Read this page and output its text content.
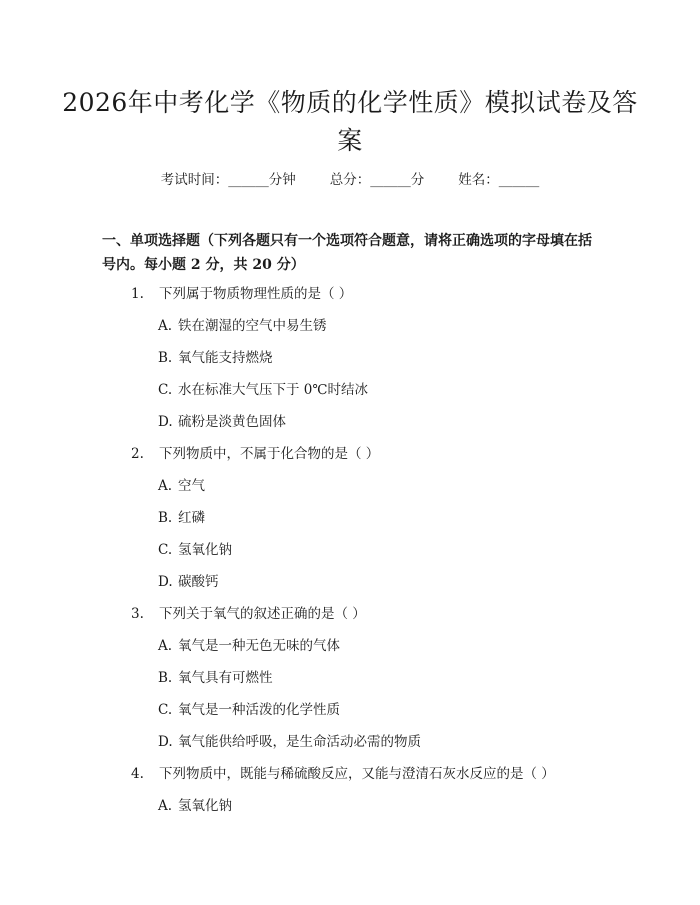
2026年中考化学《物质的化学性质》模拟试卷及答案
考试时间：______分钟	总分：______分	姓名：______
一、单项选择题（下列各题只有一个选项符合题意，请将正确选项的字母填在括号内。每小题 2 分，共 20 分）
1. 下列属于物质物理性质的是（ ）
A. 铁在潮湿的空气中易生锈
B. 氧气能支持燃烧
C. 水在标准大气压下于 0℃时结冰
D. 硫粉是淡黄色固体
2. 下列物质中，不属于化合物的是（ ）
A. 空气
B. 红磷
C. 氢氧化钠
D. 碳酸钙
3. 下列关于氧气的叙述正确的是（ ）
A. 氧气是一种无色无味的气体
B. 氧气具有可燃性
C. 氧气是一种活泼的化学性质
D. 氧气能供给呼吸，是生命活动必需的物质
4. 下列物质中，既能与稀硫酸反应，又能与澄清石灰水反应的是（ ）
A. 氢氧化钠
